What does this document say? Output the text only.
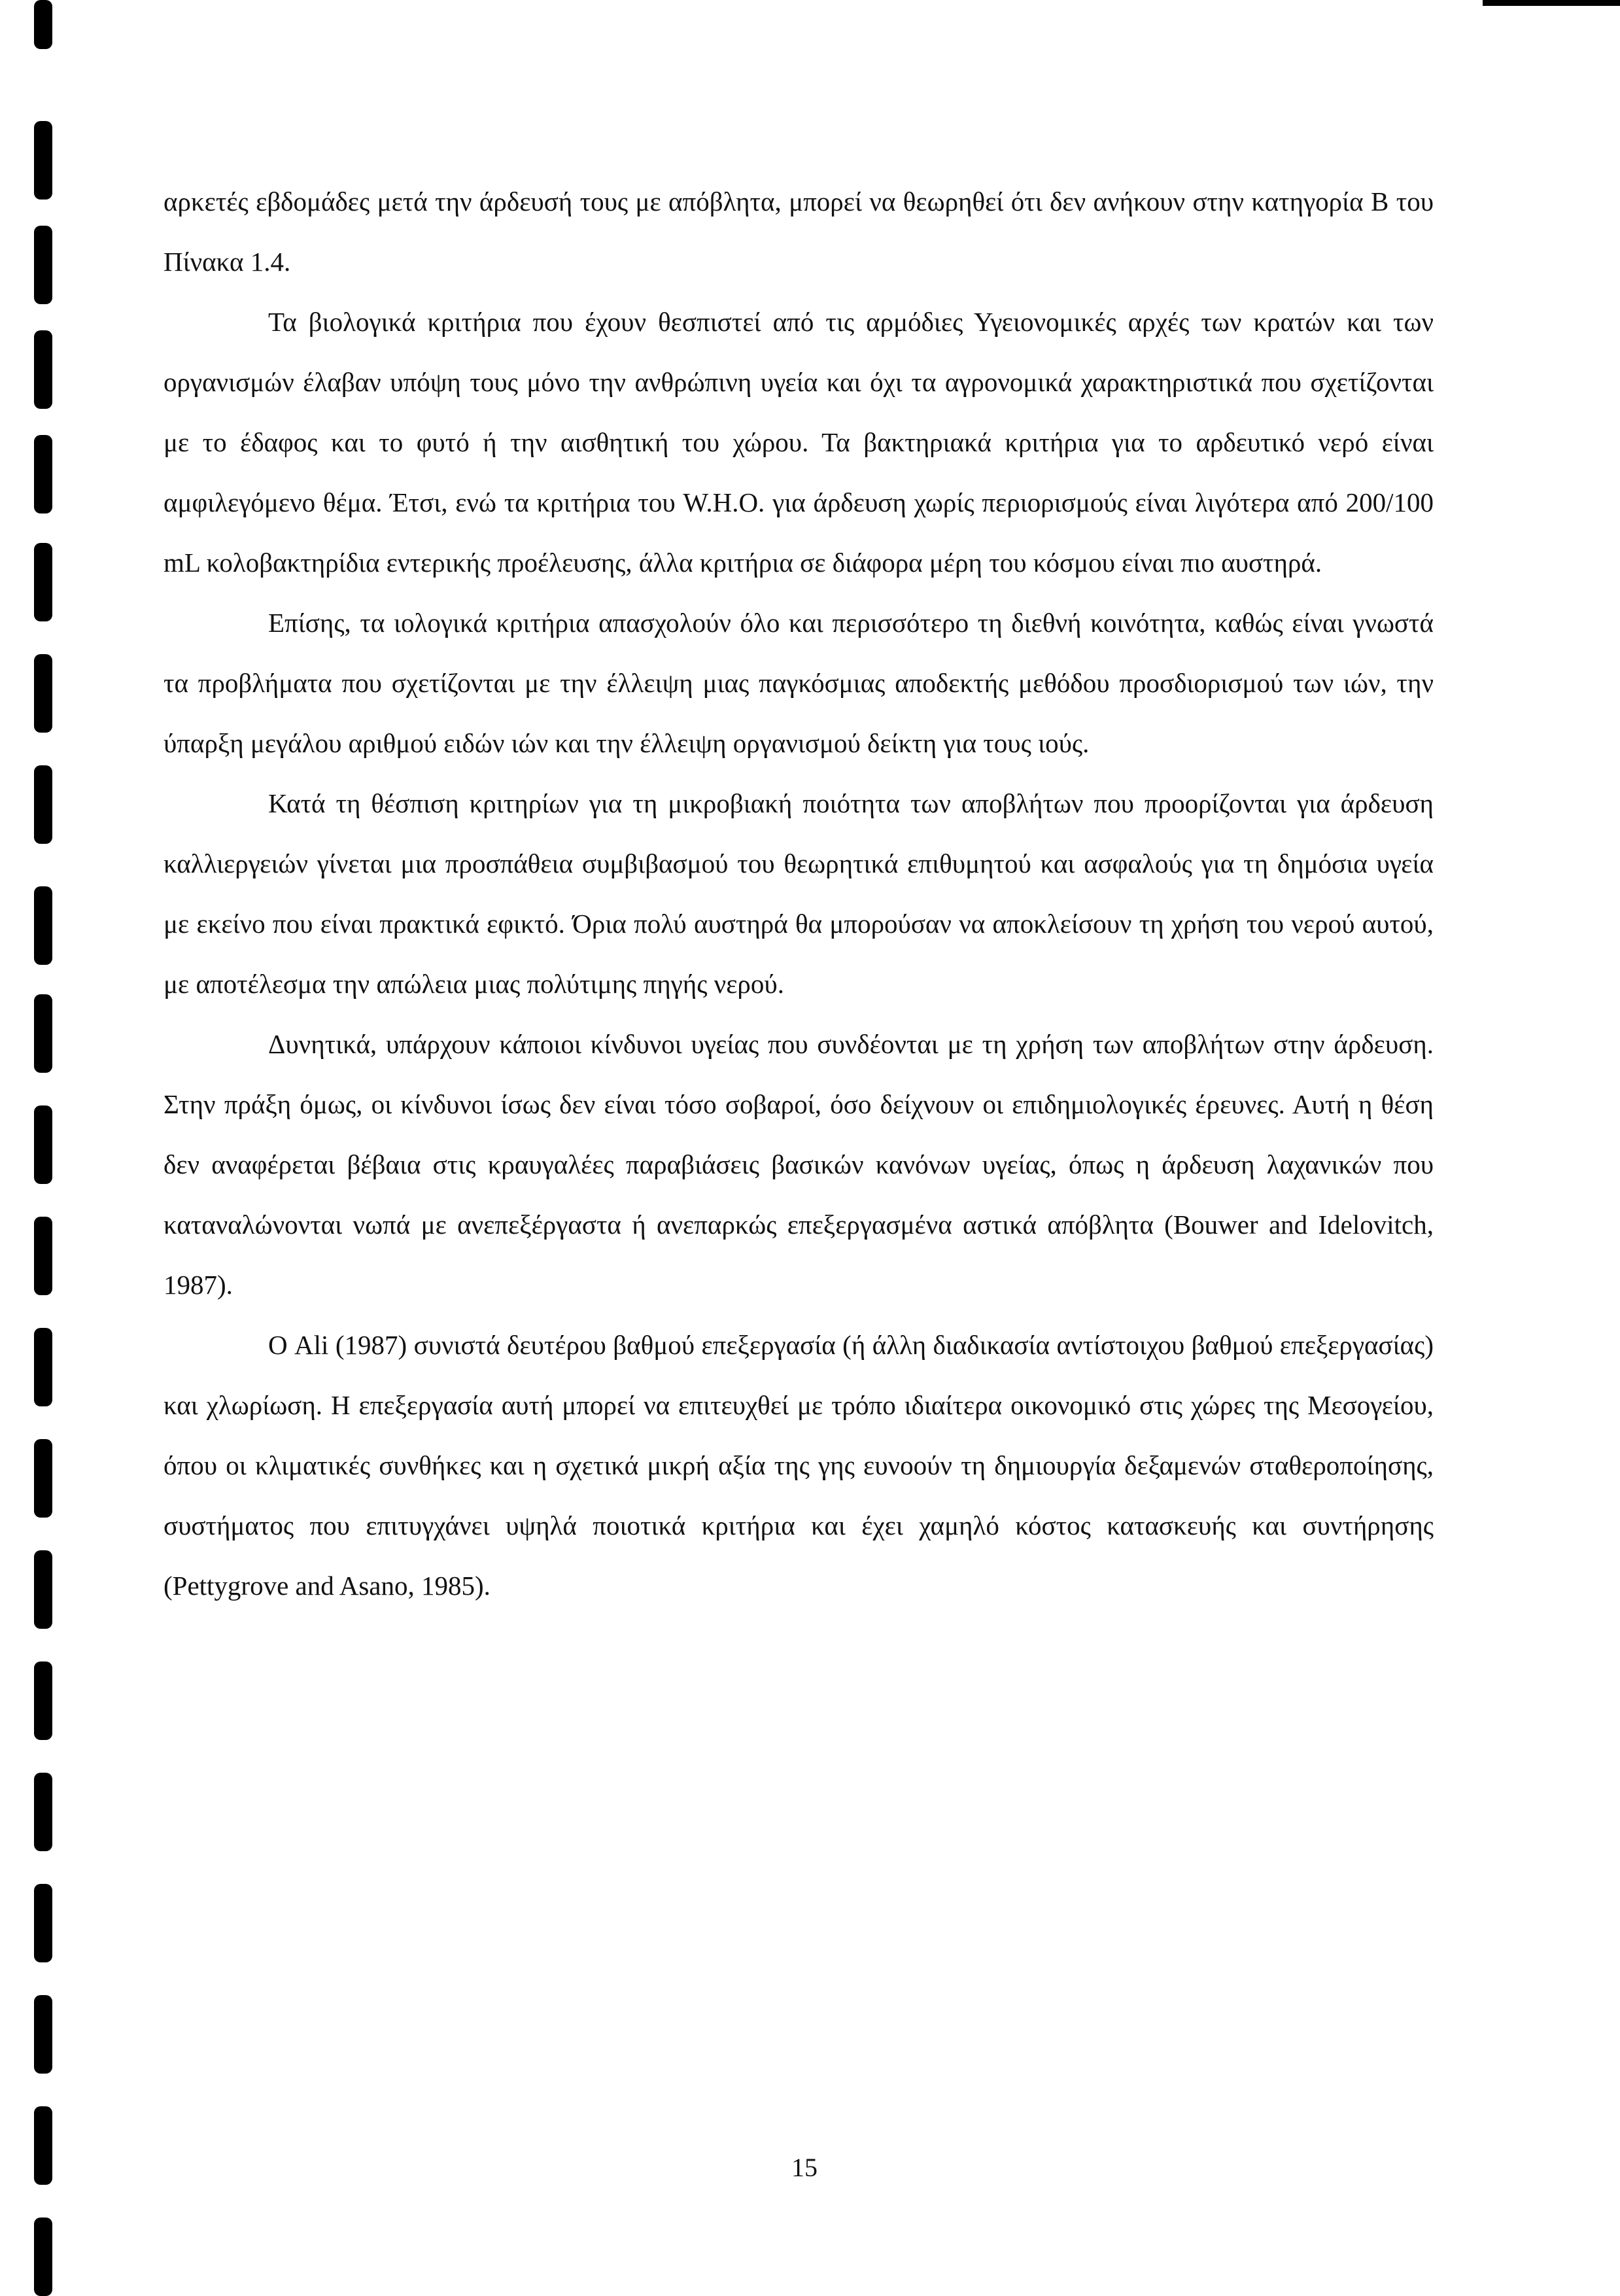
αρκετές εβδομάδες μετά την άρδευσή τους με απόβλητα, μπορεί να θεωρηθεί ότι δεν ανήκουν στην κατηγορία Β του Πίνακα 1.4.

Τα βιολογικά κριτήρια που έχουν θεσπιστεί από τις αρμόδιες Υγειονομικές αρχές των κρατών και των οργανισμών έλαβαν υπόψη τους μόνο την ανθρώπινη υγεία και όχι τα αγρονομικά χαρακτηριστικά που σχετίζονται με το έδαφος και το φυτό ή την αισθητική του χώρου. Τα βακτηριακά κριτήρια για το αρδευτικό νερό είναι αμφιλεγόμενο θέμα. Έτσι, ενώ τα κριτήρια του W.H.O. για άρδευση χωρίς περιορισμούς είναι λιγότερα από 200/100 mL κολοβακτηρίδια εντερικής προέλευσης, άλλα κριτήρια σε διάφορα μέρη του κόσμου είναι πιο αυστηρά.

Επίσης, τα ιολογικά κριτήρια απασχολούν όλο και περισσότερο τη διεθνή κοινότητα, καθώς είναι γνωστά τα προβλήματα που σχετίζονται με την έλλειψη μιας παγκόσμιας αποδεκτής μεθόδου προσδιορισμού των ιών, την ύπαρξη μεγάλου αριθμού ειδών ιών και την έλλειψη οργανισμού δείκτη για τους ιούς.

Κατά τη θέσπιση κριτηρίων για τη μικροβιακή ποιότητα των αποβλήτων που προορίζονται για άρδευση καλλιεργειών γίνεται μια προσπάθεια συμβιβασμού του θεωρητικά επιθυμητού και ασφαλούς για τη δημόσια υγεία με εκείνο που είναι πρακτικά εφικτό. Όρια πολύ αυστηρά θα μπορούσαν να αποκλείσουν τη χρήση του νερού αυτού, με αποτέλεσμα την απώλεια μιας πολύτιμης πηγής νερού.

Δυνητικά, υπάρχουν κάποιοι κίνδυνοι υγείας που συνδέονται με τη χρήση των αποβλήτων στην άρδευση. Στην πράξη όμως, οι κίνδυνοι ίσως δεν είναι τόσο σοβαροί, όσο δείχνουν οι επιδημιολογικές έρευνες. Αυτή η θέση δεν αναφέρεται βέβαια στις κραυγαλέες παραβιάσεις βασικών κανόνων υγείας, όπως η άρδευση λαχανικών που καταναλώνονται νωπά με ανεπεξέργαστα ή ανεπαρκώς επεξεργασμένα αστικά απόβλητα (Bouwer and Idelovitch, 1987).

Ο Ali (1987) συνιστά δευτέρου βαθμού επεξεργασία (ή άλλη διαδικασία αντίστοιχου βαθμού επεξεργασίας) και χλωρίωση. Η επεξεργασία αυτή μπορεί να επιτευχθεί με τρόπο ιδιαίτερα οικονομικό στις χώρες της Μεσογείου, όπου οι κλιματικές συνθήκες και η σχετικά μικρή αξία της γης ευνοούν τη δημιουργία δεξαμενών σταθεροποίησης, συστήματος που επιτυγχάνει υψηλά ποιοτικά κριτήρια και έχει χαμηλό κόστος κατασκευής και συντήρησης (Pettygrove and Asano, 1985).

15
